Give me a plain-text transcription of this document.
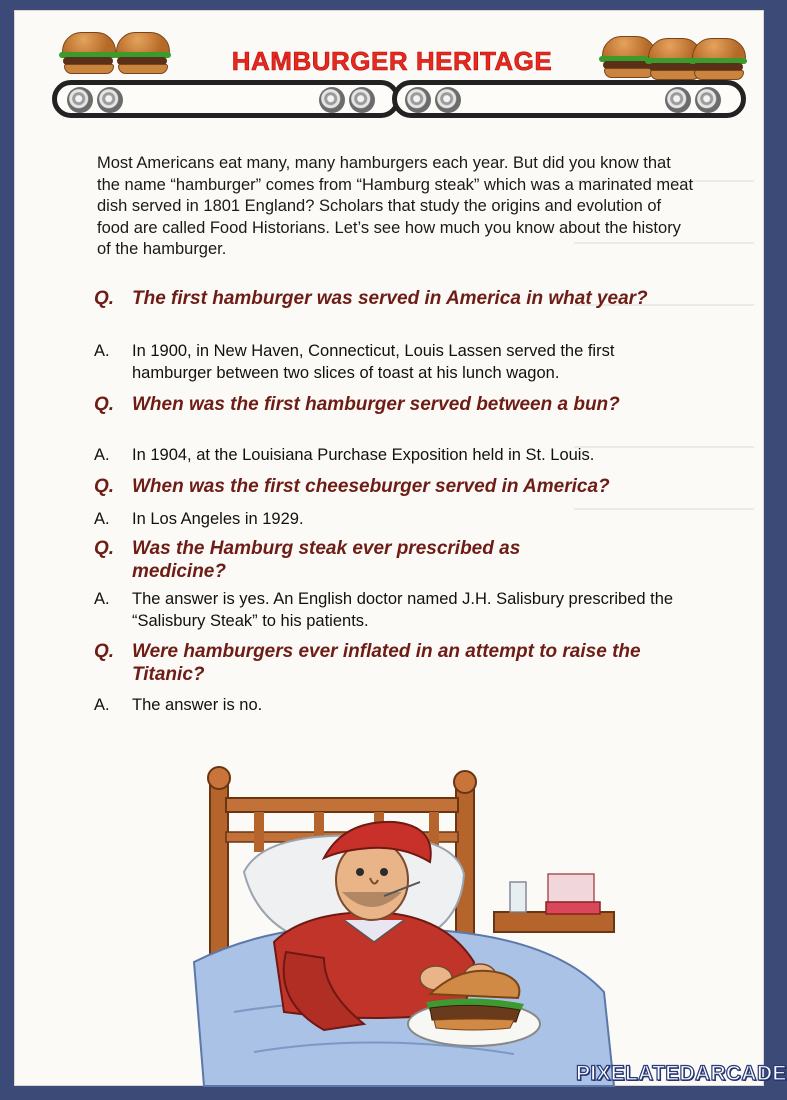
HAMBURGER HERITAGE
Most Americans eat many, many hamburgers each year. But did you know that the name “hamburger” comes from “Hamburg steak” which was a marinated meat dish served in 1801 England? Scholars that study the origins and evolution of food are called Food Historians. Let’s see how much you know about the history of the hamburger.
Q. The first hamburger was served in America in what year?
A. In 1900, in New Haven, Connecticut, Louis Lassen served the first hamburger between two slices of toast at his lunch wagon.
Q. When was the first hamburger served between a bun?
A. In 1904, at the Louisiana Purchase Exposition held in St. Louis.
Q. When was the first cheeseburger served in America?
A. In Los Angeles in 1929.
Q. Was the Hamburg steak ever prescribed as medicine?
A. The answer is yes. An English doctor named J.H. Salisbury prescribed the “Salisbury Steak” to his patients.
Q. Were hamburgers ever inflated in an attempt to raise the Titanic?
A. The answer is no.
PIXELATEDARCADE
